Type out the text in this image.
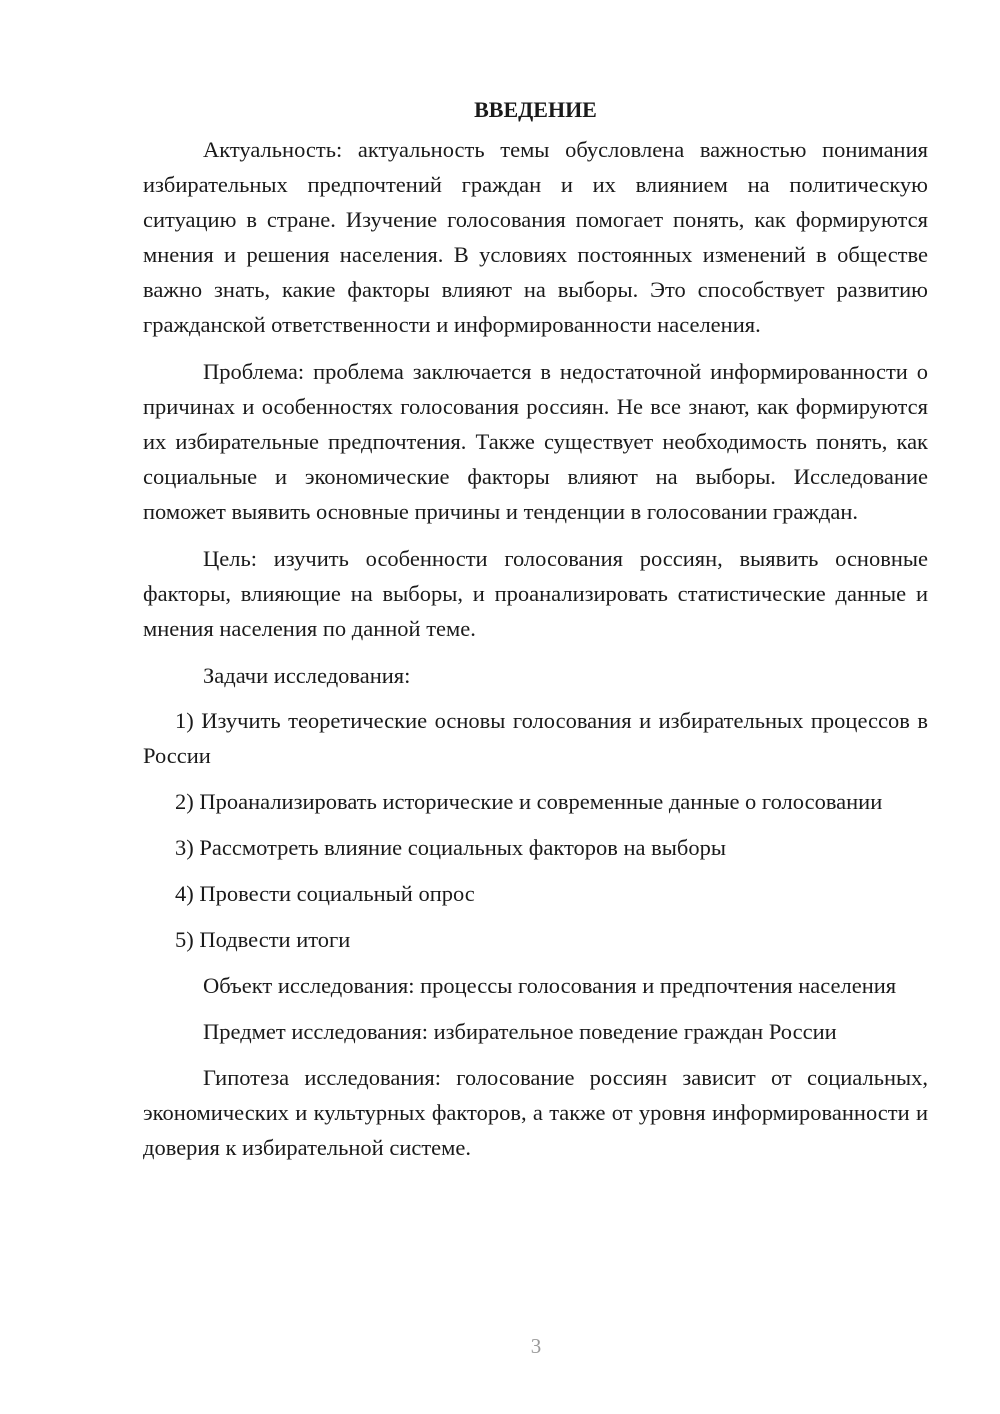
ВВЕДЕНИЕ

Актуальность: актуальность темы обусловлена важностью понимания избирательных предпочтений граждан и их влиянием на политическую ситуацию в стране. Изучение голосования помогает понять, как формируются мнения и решения населения. В условиях постоянных изменений в обществе важно знать, какие факторы влияют на выборы. Это способствует развитию гражданской ответственности и информированности населения.

Проблема: проблема заключается в недостаточной информированности о причинах и особенностях голосования россиян. Не все знают, как формируются их избирательные предпочтения. Также существует необходимость понять, как социальные и экономические факторы влияют на выборы. Исследование поможет выявить основные причины и тенденции в голосовании граждан.

Цель: изучить особенности голосования россиян, выявить основные факторы, влияющие на выборы, и проанализировать статистические данные и мнения населения по данной теме.

Задачи исследования:

1) Изучить теоретические основы голосования и избирательных процессов в России

2) Проанализировать исторические и современные данные о голосовании

3) Рассмотреть влияние социальных факторов на выборы

4) Провести социальный опрос

5) Подвести итоги

Объект исследования: процессы голосования и предпочтения населения

Предмет исследования: избирательное поведение граждан России

Гипотеза исследования: голосование россиян зависит от социальных, экономических и культурных факторов, а также от уровня информированности и доверия к избирательной системе.

3
